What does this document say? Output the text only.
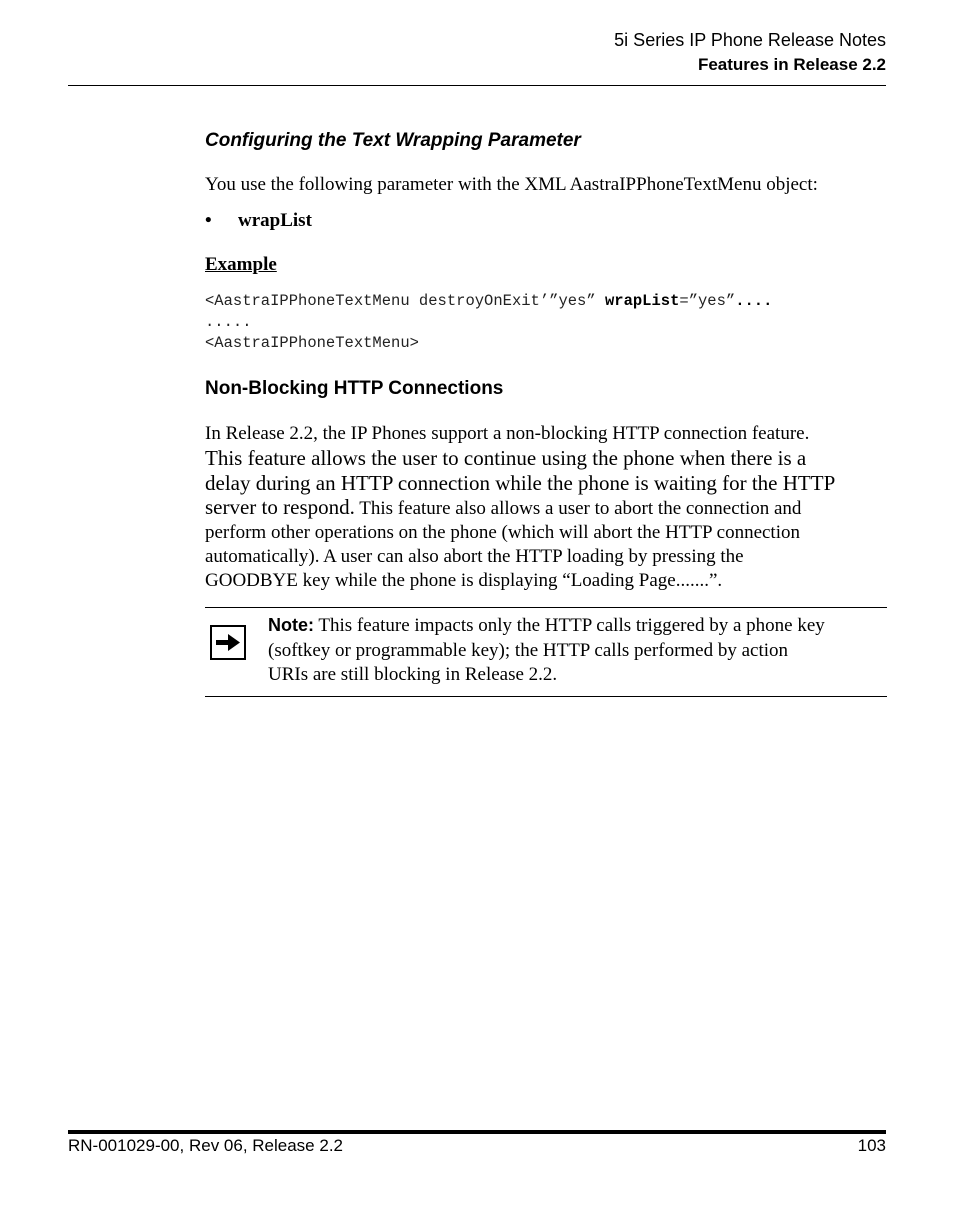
5i Series IP Phone Release Notes
Features in Release 2.2
Configuring the Text Wrapping Parameter
You use the following parameter with the XML AastraIPPhoneTextMenu object:
• wrapList
Example
<AastraIPPhoneTextMenu destroyOnExit’”yes” wrapList=”yes”....
.....
<AastraIPPhoneTextMenu>
Non-Blocking HTTP Connections
In Release 2.2, the IP Phones support a non-blocking HTTP connection feature.
This feature allows the user to continue using the phone when there is a
delay during an HTTP connection while the phone is waiting for the HTTP
server to respond. This feature also allows a user to abort the connection and
perform other operations on the phone (which will abort the HTTP connection
automatically). A user can also abort the HTTP loading by pressing the
GOODBYE key while the phone is displaying “Loading Page.......”.
Note: This feature impacts only the HTTP calls triggered by a phone key
(softkey or programmable key); the HTTP calls performed by action
URIs are still blocking in Release 2.2.
RN-001029-00, Rev 06, Release 2.2	103
